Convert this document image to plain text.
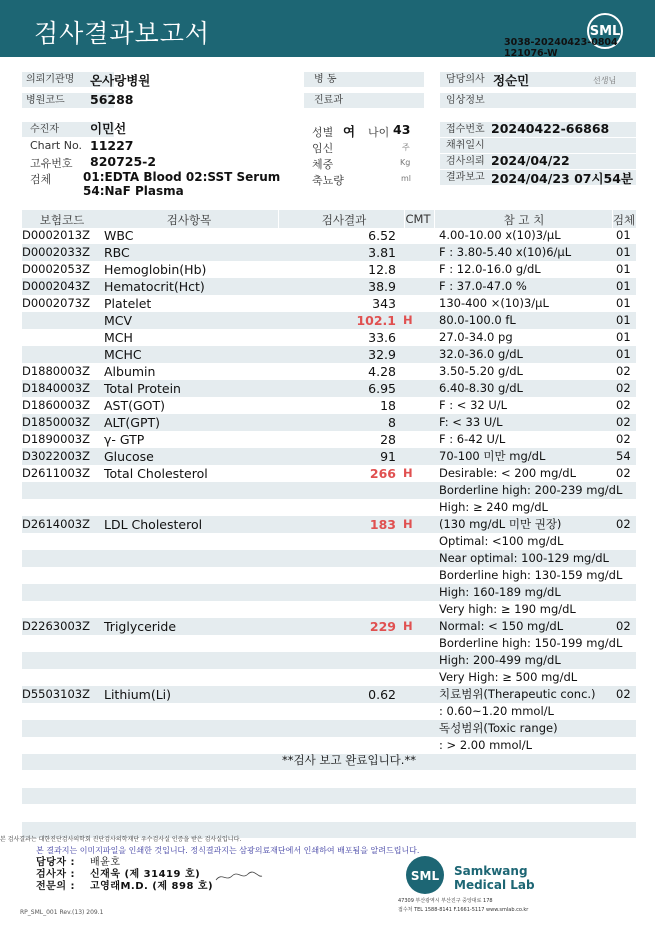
검사결과보고서	SML
3038-20240423-0804
121076-W
의뢰기관명	온사랑병원
병원코드	56288
병 동
진료과
담당의사 정순민	선생님
임상정보
수진자	이민선
Chart No. 11227
고유번호 820725-2
검체	01:EDTA Blood 02:SST Serum
54:NaF Plasma
성별 여 나이 43
임신	주
체중	Kg
축뇨량	ml
접수번호 20240422-66868
채취일시
검사의뢰 2024/04/22
결과보고 2024/04/23 07시54분
보험코드	검사항목	검사결과	CMT	참 고 치	검체
D0002013Z WBC	6.52	4.00-10.00 x(10)3/μL	01
D0002033Z RBC	3.81	F : 3.80-5.40 x(10)6/μL	01
D0002053Z Hemoglobin(Hb)	12.8	F : 12.0-16.0 g/dL	01
D0002043Z Hematocrit(Hct)	38.9	F : 37.0-47.0 %	01
D0002073Z Platelet	343	130-400 ×(10)3/μL	01
MCV	102.1 H 80.0-100.0 fL	01
MCH	33.6	27.0-34.0 pg	01
MCHC	32.9	32.0-36.0 g/dL	01
D1880003Z Albumin	4.28	3.50-5.20 g/dL	02
D1840003Z Total Protein	6.95	6.40-8.30 g/dL	02
D1860003Z AST(GOT)	18	F : < 32 U/L	02
D1850003Z ALT(GPT)	8	F: < 33 U/L	02
D1890003Z γ- GTP	28	F : 6-42 U/L	02
D3022003Z Glucose	91	70-100 미만 mg/dL	54
D2611003Z Total Cholesterol	266 H Desirable: < 200 mg/dL	02
Borderline high: 200-239 mg/dL
High: ≥ 240 mg/dL
D2614003Z LDL Cholesterol	183 H (130 mg/dL 미만 권장)	02
Optimal: <100 mg/dL
Near optimal: 100-129 mg/dL
Borderline high: 130-159 mg/dL
High: 160-189 mg/dL
Very high: ≥ 190 mg/dL
D2263003Z Triglyceride	229 H Normal: < 150 mg/dL	02
Borderline high: 150-199 mg/dL
High: 200-499 mg/dL
Very High: ≥ 500 mg/dL
D5503103Z Lithium(Li)	0.62	치료범위(Therapeutic conc.) 02
: 0.60~1.20 mmol/L
독성범위(Toxic range)
: > 2.00 mmol/L
**검사 보고 완료입니다.**
본 검사결과는 대한진단검사의학회 진단검사의학재단 우수검사실 인증을 받은 검사실입니다.
본 결과지는 이미지파일을 인쇄한 것입니다. 정식결과지는 삼광의료재단에서 인쇄하여 배포됨을 알려드립니다.
담당자 : 배윤호
검사자 : 신재욱 (제 31419 호)
전문의 : 고영래M.D. (제 898 호)
SML Samkwang
Medical Lab
47309 부산광역시 부산진구 중앙대로 178
접수처 TEL 1588-8141 F.1661-5117 www.smlab.co.kr
RP_SML_001 Rev.(13) 209.1
